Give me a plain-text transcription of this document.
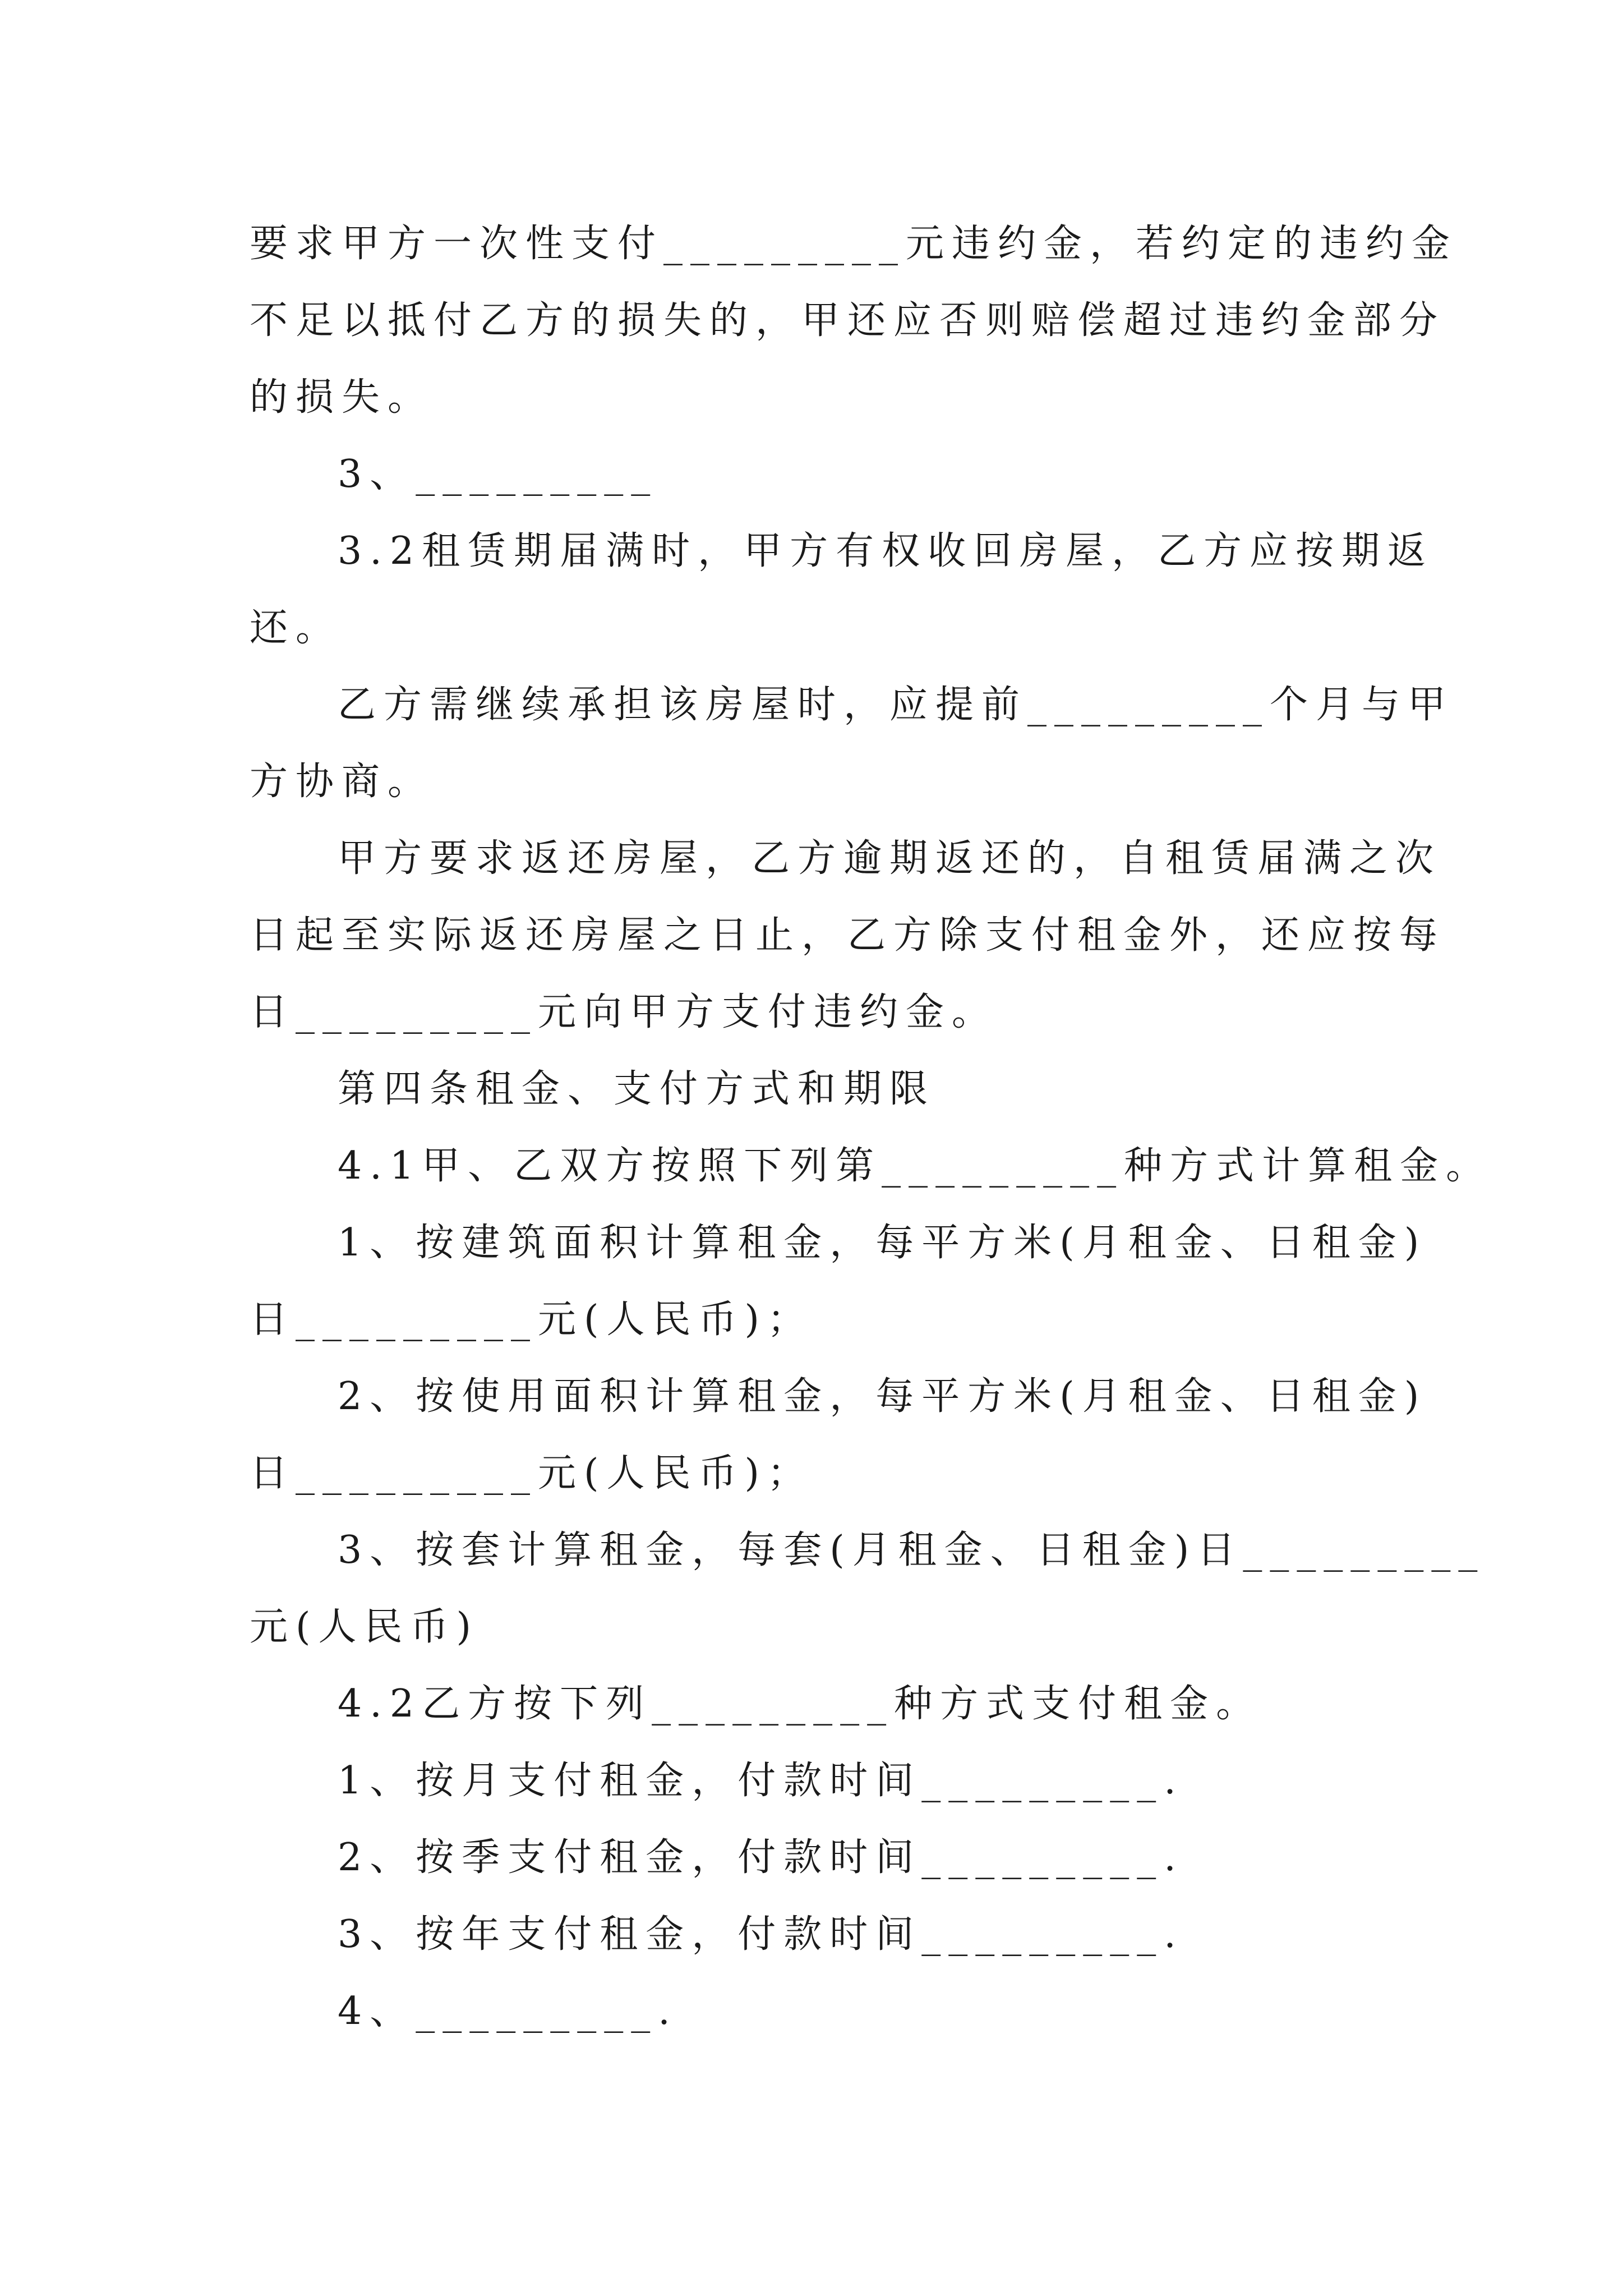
要求甲方一次性支付_________元违约金，若约定的违约金
不足以抵付乙方的损失的，甲还应否则赔偿超过违约金部分
的损失。
3、_________
3.2租赁期届满时，甲方有权收回房屋，乙方应按期返
还。
乙方需继续承担该房屋时，应提前_________个月与甲
方协商。
甲方要求返还房屋，乙方逾期返还的，自租赁届满之次
日起至实际返还房屋之日止，乙方除支付租金外，还应按每
日_________元向甲方支付违约金。
第四条租金、支付方式和期限
4.1甲、乙双方按照下列第_________种方式计算租金。
1、按建筑面积计算租金，每平方米(月租金、日租金)
日_________元(人民币)；
2、按使用面积计算租金，每平方米(月租金、日租金)
日_________元(人民币)；
3、按套计算租金，每套(月租金、日租金)日_________
元(人民币)
4.2乙方按下列_________种方式支付租金。
1、按月支付租金，付款时间_________.
2、按季支付租金，付款时间_________.
3、按年支付租金，付款时间_________.
4、_________.
